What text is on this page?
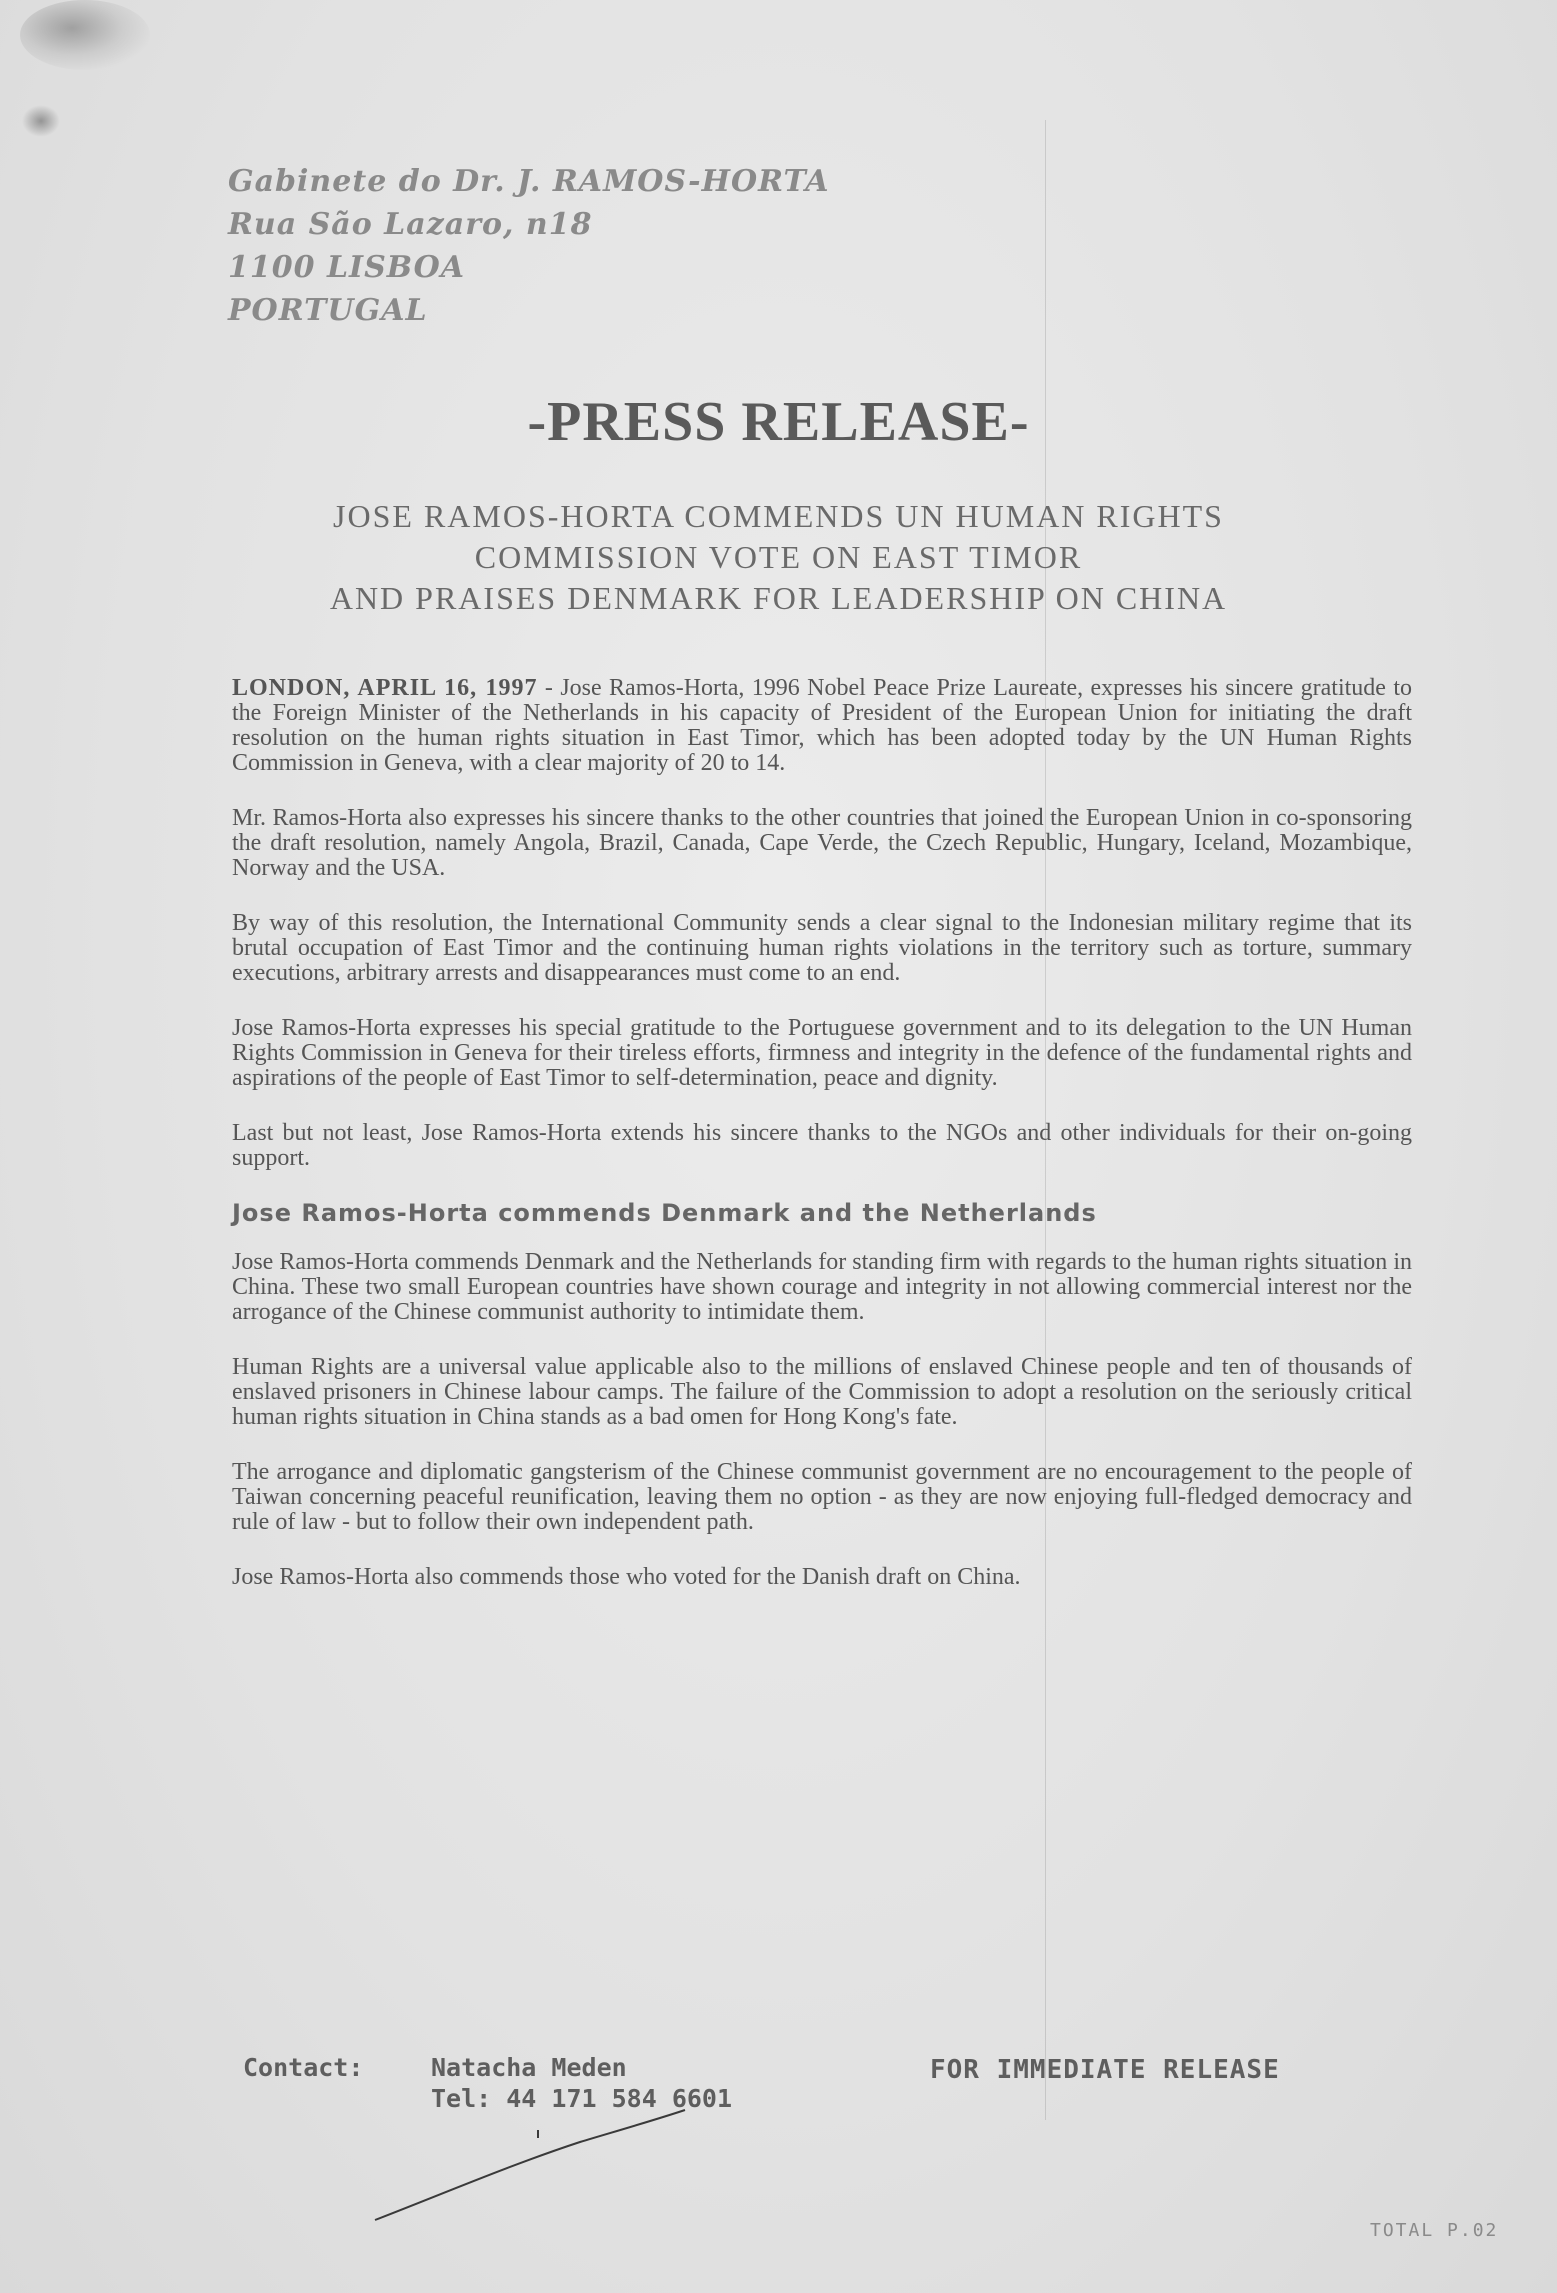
Gabinete do Dr. J. RAMOS-HORTA
Rua São Lazaro, n18
1100 LISBOA
PORTUGAL
-PRESS RELEASE-
JOSE RAMOS-HORTA COMMENDS UN HUMAN RIGHTS
COMMISSION VOTE ON EAST TIMOR
AND PRAISES DENMARK FOR LEADERSHIP ON CHINA

LONDON, APRIL 16, 1997 - Jose Ramos-Horta, 1996 Nobel Peace Prize Laureate, expresses his sincere gratitude to the Foreign Minister of the Netherlands in his capacity of President of the European Union for initiating the draft resolution on the human rights situation in East Timor, which has been adopted today by the UN Human Rights Commission in Geneva, with a clear majority of 20 to 14.

Mr. Ramos-Horta also expresses his sincere thanks to the other countries that joined the European Union in co-sponsoring the draft resolution, namely Angola, Brazil, Canada, Cape Verde, the Czech Republic, Hungary, Iceland, Mozambique, Norway and the USA.

By way of this resolution, the International Community sends a clear signal to the Indonesian military regime that its brutal occupation of East Timor and the continuing human rights violations in the territory such as torture, summary executions, arbitrary arrests and disappearances must come to an end.

Jose Ramos-Horta expresses his special gratitude to the Portuguese government and to its delegation to the UN Human Rights Commission in Geneva for their tireless efforts, firmness and integrity in the defence of the fundamental rights and aspirations of the people of East Timor to self-determination, peace and dignity.

Last but not least, Jose Ramos-Horta extends his sincere thanks to the NGOs and other individuals for their on-going support.

Jose Ramos-Horta commends Denmark and the Netherlands

Jose Ramos-Horta commends Denmark and the Netherlands for standing firm with regards to the human rights situation in China. These two small European countries have shown courage and integrity in not allowing commercial interest nor the arrogance of the Chinese communist authority to intimidate them.

Human Rights are a universal value applicable also to the millions of enslaved Chinese people and ten of thousands of enslaved prisoners in Chinese labour camps. The failure of the Commission to adopt a resolution on the seriously critical human rights situation in China stands as a bad omen for Hong Kong's fate.

The arrogance and diplomatic gangsterism of the Chinese communist government are no encouragement to the people of Taiwan concerning peaceful reunification, leaving them no option - as they are now enjoying full-fledged democracy and rule of law - but to follow their own independent path.

Jose Ramos-Horta also commends those who voted for the Danish draft on China.

Contact:	Natacha Meden
Tel: 44 171 584 6601
FOR IMMEDIATE RELEASE
TOTAL P.02
